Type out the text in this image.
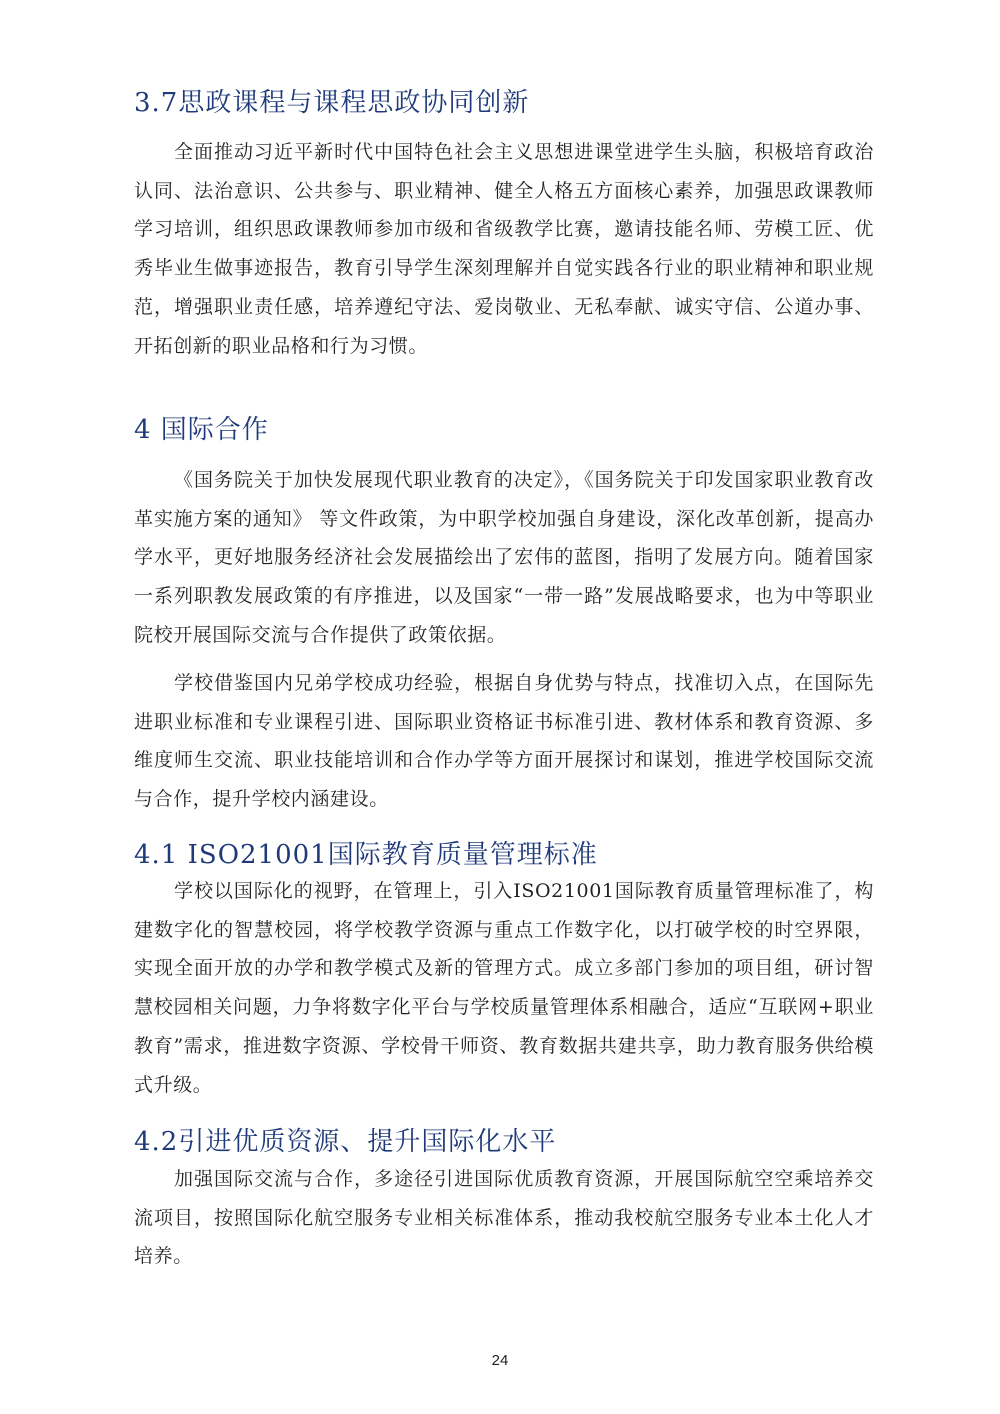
3.7思政课程与课程思政协同创新

全面推动习近平新时代中国特色社会主义思想进课堂进学生头脑，积极培育政治认同、法治意识、公共参与、职业精神、健全人格五方面核心素养，加强思政课教师学习培训，组织思政课教师参加市级和省级教学比赛，邀请技能名师、劳模工匠、优秀毕业生做事迹报告，教育引导学生深刻理解并自觉实践各行业的职业精神和职业规范，增强职业责任感，培养遵纪守法、爱岗敬业、无私奉献、诚实守信、公道办事、开拓创新的职业品格和行为习惯。

4 国际合作

《国务院关于加快发展现代职业教育的决定》，《国务院关于印发国家职业教育改革实施方案的通知》 等文件政策，为中职学校加强自身建设，深化改革创新，提高办学水平，更好地服务经济社会发展描绘出了宏伟的蓝图，指明了发展方向。随着国家一系列职教发展政策的有序推进，以及国家“一带一路”发展战略要求，也为中等职业院校开展国际交流与合作提供了政策依据。

学校借鉴国内兄弟学校成功经验，根据自身优势与特点，找准切入点，在国际先进职业标准和专业课程引进、国际职业资格证书标准引进、教材体系和教育资源、多维度师生交流、职业技能培训和合作办学等方面开展探讨和谋划，推进学校国际交流与合作，提升学校内涵建设。

4.1 ISO21001国际教育质量管理标准

学校以国际化的视野，在管理上，引入ISO21001国际教育质量管理标准了，构建数字化的智慧校园，将学校教学资源与重点工作数字化，以打破学校的时空界限，实现全面开放的办学和教学模式及新的管理方式。成立多部门参加的项目组，研讨智慧校园相关问题，力争将数字化平台与学校质量管理体系相融合，适应“互联网+职业教育”需求，推进数字资源、学校骨干师资、教育数据共建共享，助力教育服务供给模式升级。

4.2引进优质资源、提升国际化水平

加强国际交流与合作，多途径引进国际优质教育资源，开展国际航空空乘培养交流项目，按照国际化航空服务专业相关标准体系，推动我校航空服务专业本土化人才培养。

24
